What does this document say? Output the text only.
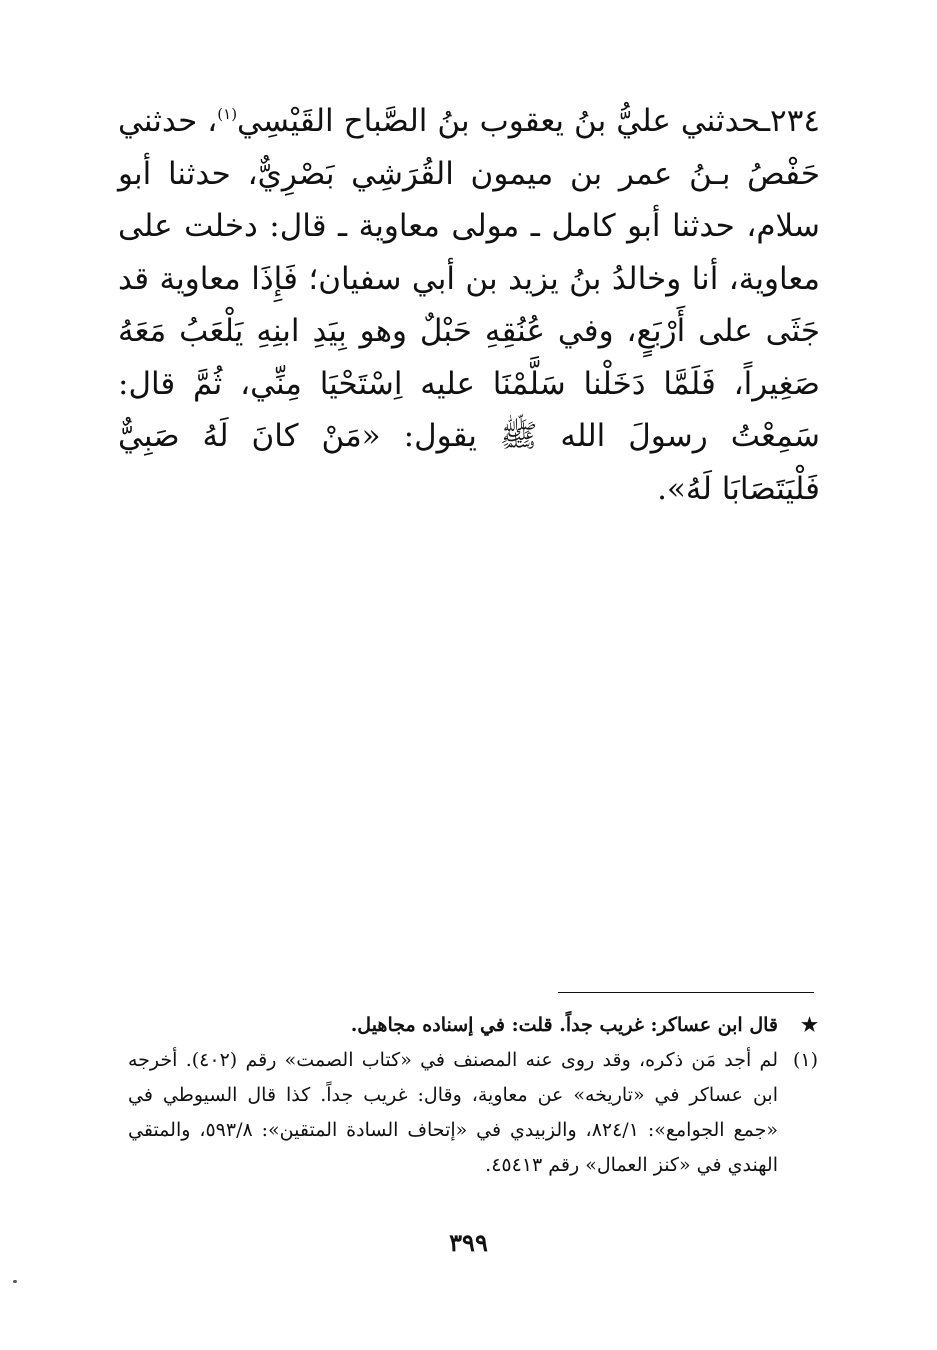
٢٣٤ـحدثني عليُّ بنُ يعقوب بنُ الصَّباح القَيْسِي$^{(١)}$، حدثني حَفْصُ بـنُ عمر بن ميمون القُرَشِي بَصْرِيٌّ، حدثنا أبو سلام، حدثنا أبو كامل ـ مولى معاوية ـ قال: دخلت على معاوية، أنا وخالدُ بنُ يزيد بن أبي سفيان؛ فَإِذَا معاوية قد جَثَى على أَرْبَعٍ، وفي عُنُقِهِ حَبْلٌ وهو بِيَدِ ابنِهِ يَلْعَبُ مَعَهُ صَغِيراً، فَلَمَّا دَخَلْنا سَلَّمْنَا عليه اِسْتَحْيَا مِنِّي، ثُمَّ قال: سَمِعْتُ رسولَ الله ﷺ يقول: «مَنْ كانَ لَهُ صَبِيٌّ فَلْيَتَصَابَا لَهُ».
★
قال ابن عساكر: غريب جداً. قلت: في إسناده مجاهيل.
(١)
لم أجد مَن ذكره، وقد روى عنه المصنف في «كتاب الصمت» رقم (٤٠٢). أخرجه ابن عساكر في «تاريخه» عن معاوية، وقال: غريب جداً. كذا قال السيوطي في «جمع الجوامع»: ٨٢٤/١، والزبيدي في «إتحاف السادة المتقين»: ٥٩٣/٨، والمتقي الهندي في «كنز العمال» رقم ٤٥٤١٣.
٣٩٩
